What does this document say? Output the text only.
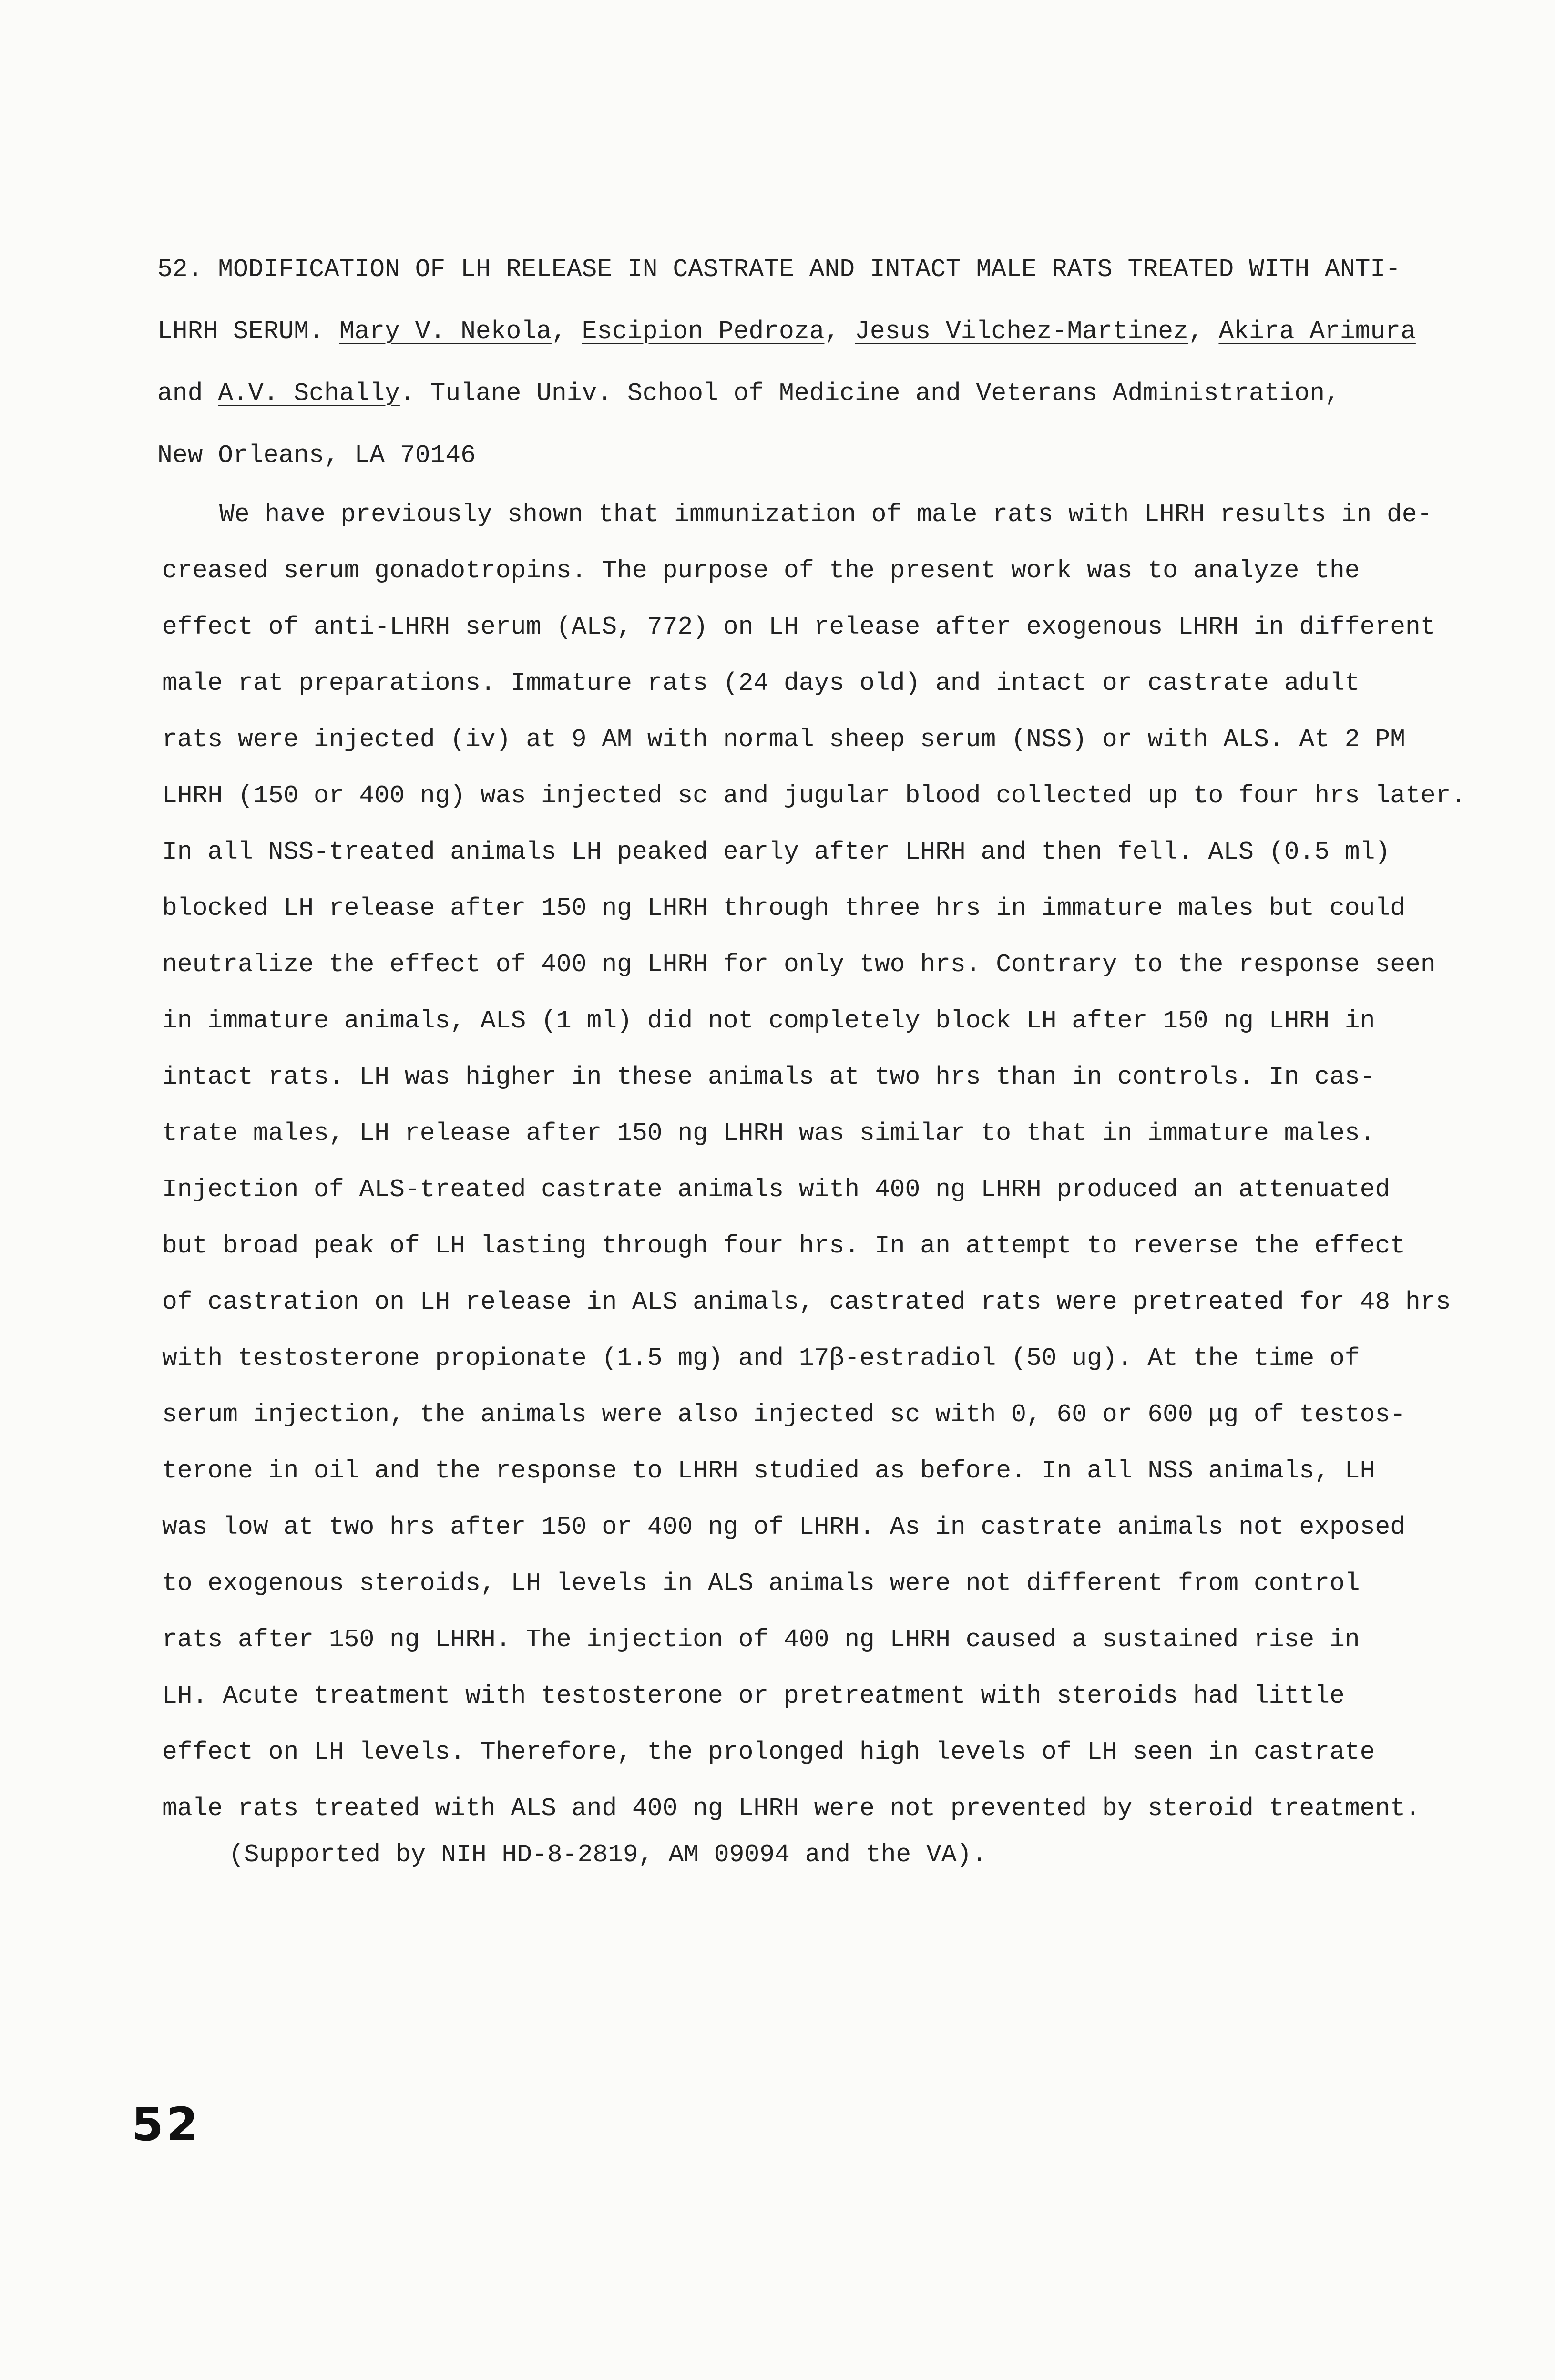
52. MODIFICATION OF LH RELEASE IN CASTRATE AND INTACT MALE RATS TREATED WITH ANTI-
LHRH SERUM. Mary V. Nekola, Escipion Pedroza, Jesus Vilchez-Martinez, Akira Arimura
and A.V. Schally. Tulane Univ. School of Medicine and Veterans Administration,
New Orleans, LA 70146
We have previously shown that immunization of male rats with LHRH results in de-
creased serum gonadotropins. The purpose of the present work was to analyze the
effect of anti-LHRH serum (ALS, 772) on LH release after exogenous LHRH in different
male rat preparations. Immature rats (24 days old) and intact or castrate adult
rats were injected (iv) at 9 AM with normal sheep serum (NSS) or with ALS. At 2 PM
LHRH (150 or 400 ng) was injected sc and jugular blood collected up to four hrs later.
In all NSS-treated animals LH peaked early after LHRH and then fell. ALS (0.5 ml)
blocked LH release after 150 ng LHRH through three hrs in immature males but could
neutralize the effect of 400 ng LHRH for only two hrs. Contrary to the response seen
in immature animals, ALS (1 ml) did not completely block LH after 150 ng LHRH in
intact rats. LH was higher in these animals at two hrs than in controls. In cas-
trate males, LH release after 150 ng LHRH was similar to that in immature males.
Injection of ALS-treated castrate animals with 400 ng LHRH produced an attenuated
but broad peak of LH lasting through four hrs. In an attempt to reverse the effect
of castration on LH release in ALS animals, castrated rats were pretreated for 48 hrs
with testosterone propionate (1.5 mg) and 17β-estradiol (50 ug). At the time of
serum injection, the animals were also injected sc with 0, 60 or 600 μg of testos-
terone in oil and the response to LHRH studied as before. In all NSS animals, LH
was low at two hrs after 150 or 400 ng of LHRH. As in castrate animals not exposed
to exogenous steroids, LH levels in ALS animals were not different from control
rats after 150 ng LHRH. The injection of 400 ng LHRH caused a sustained rise in
LH. Acute treatment with testosterone or pretreatment with steroids had little
effect on LH levels. Therefore, the prolonged high levels of LH seen in castrate
male rats treated with ALS and 400 ng LHRH were not prevented by steroid treatment.
(Supported by NIH HD-8-2819, AM 09094 and the VA).
52
